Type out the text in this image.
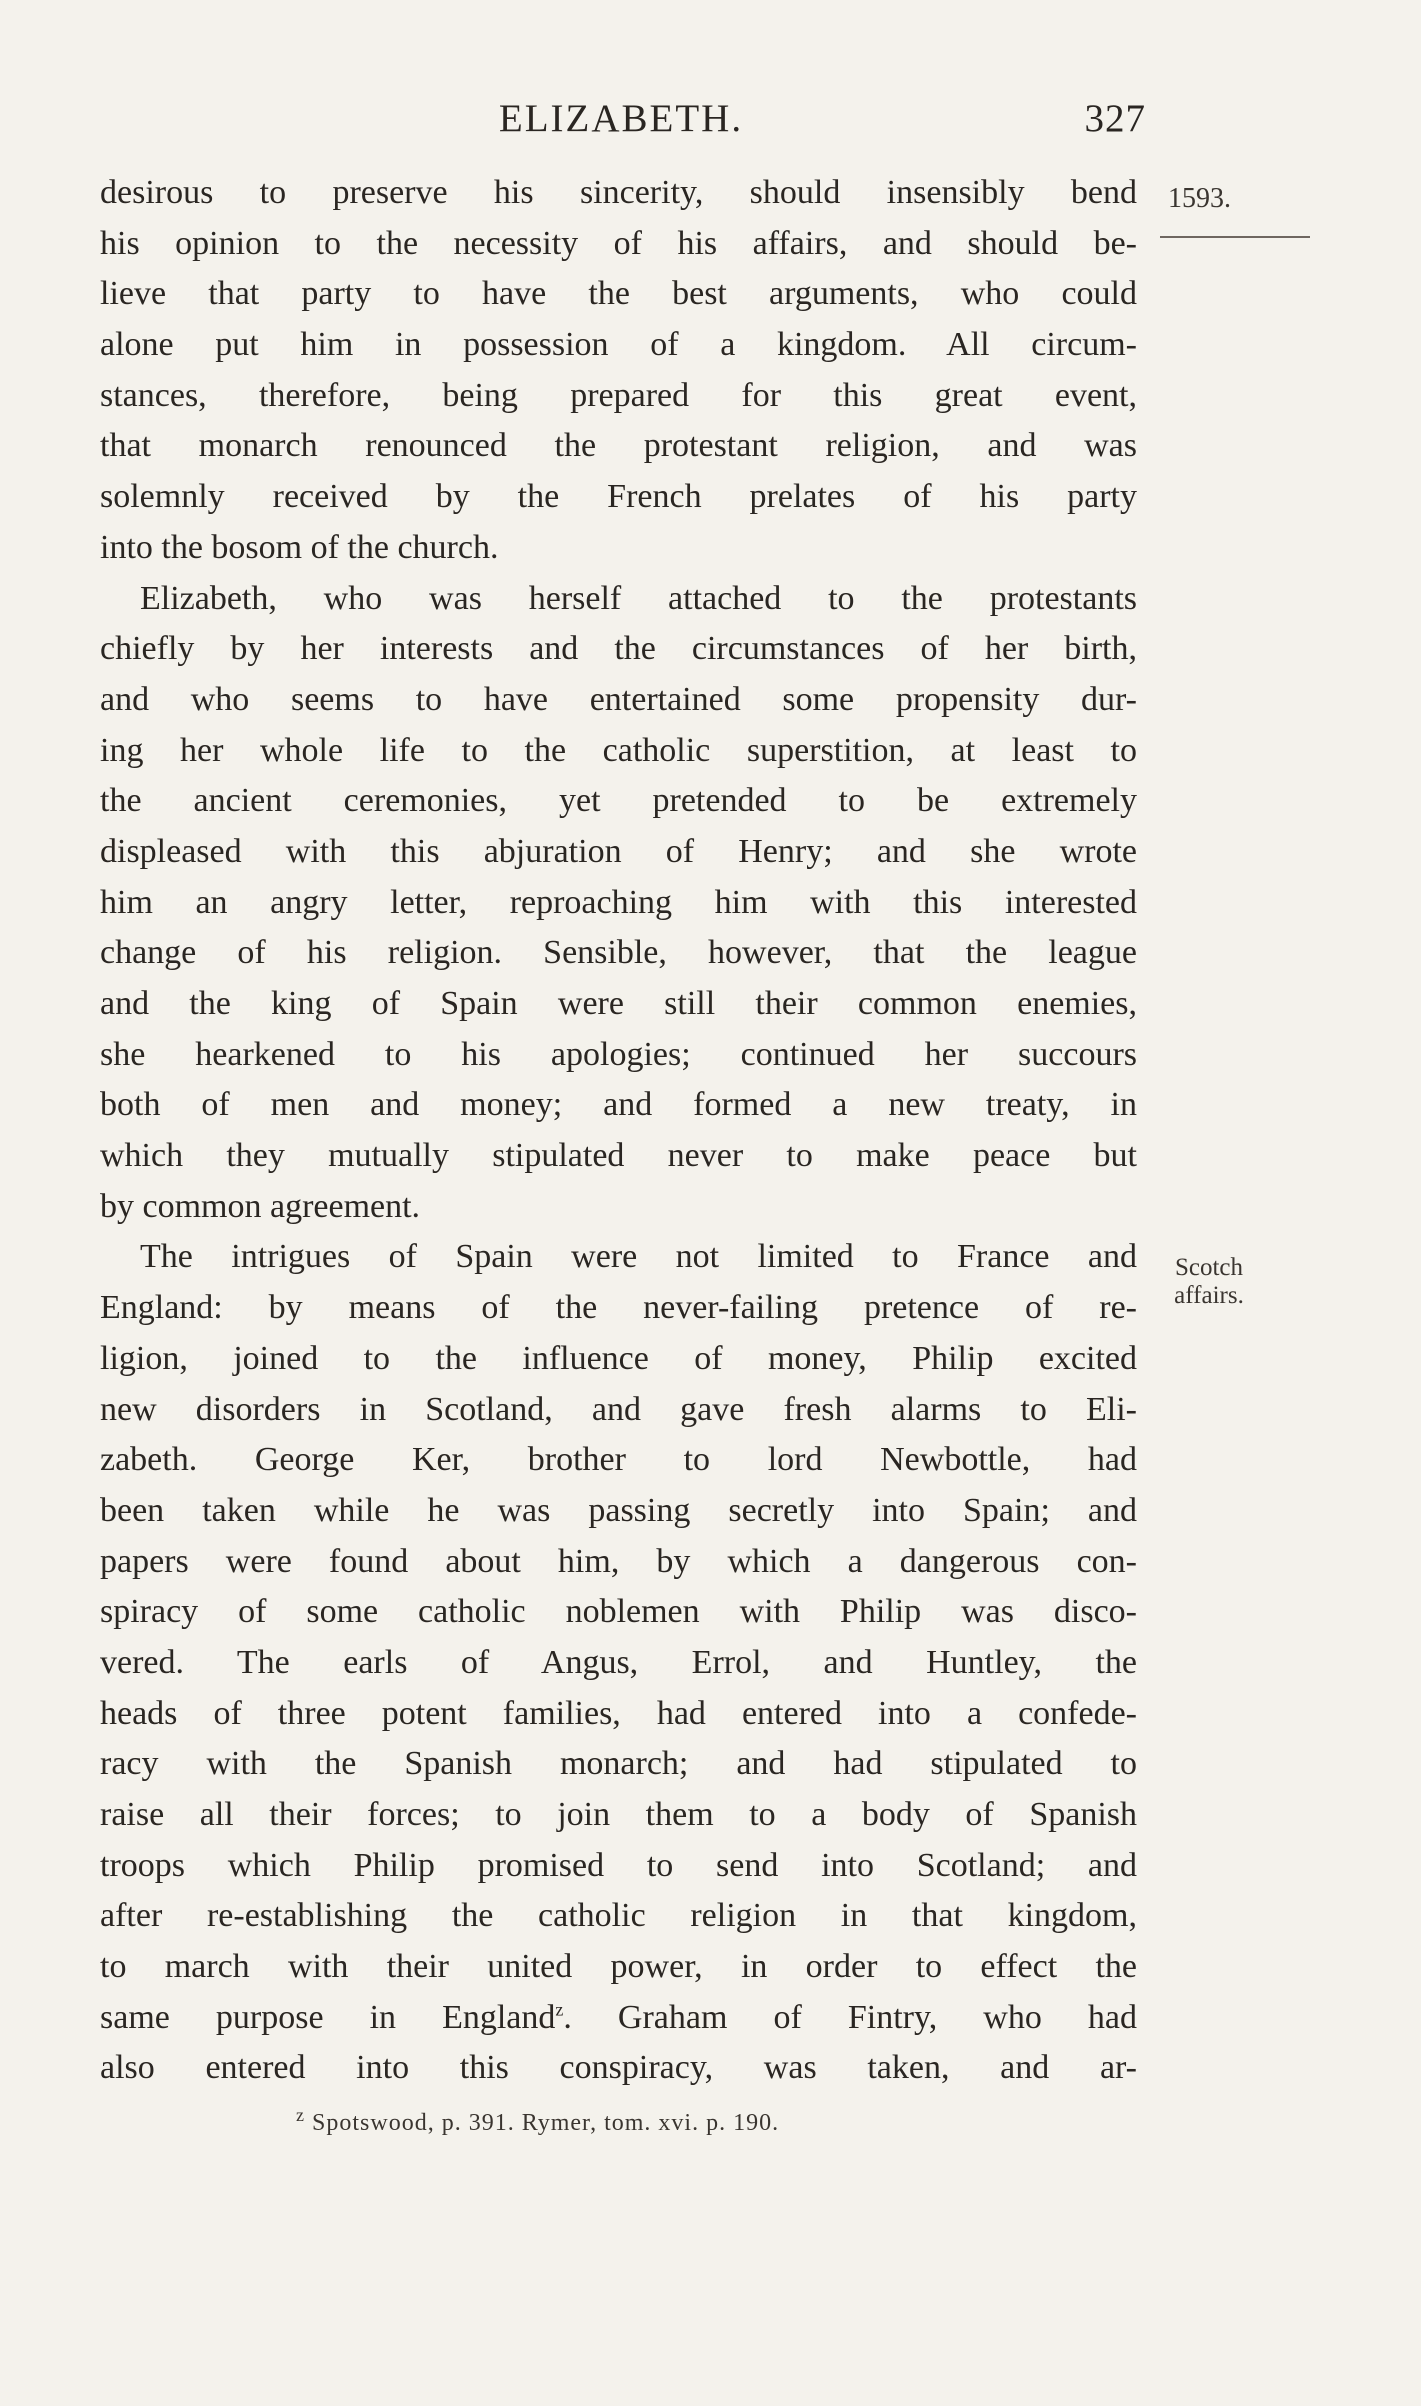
ELIZABETH.	327
1593.
Scotch
affairs.
desirous to preserve his sincerity, should insensibly bend
his opinion to the necessity of his affairs, and should be-
lieve that party to have the best arguments, who could
alone put him in possession of a kingdom. All circum-
stances, therefore, being prepared for this great event,
that monarch renounced the protestant religion, and was
solemnly received by the French prelates of his party
into the bosom of the church.
Elizabeth, who was herself attached to the protestants
chiefly by her interests and the circumstances of her birth,
and who seems to have entertained some propensity dur-
ing her whole life to the catholic superstition, at least to
the ancient ceremonies, yet pretended to be extremely
displeased with this abjuration of Henry; and she wrote
him an angry letter, reproaching him with this interested
change of his religion. Sensible, however, that the league
and the king of Spain were still their common enemies,
she hearkened to his apologies; continued her succours
both of men and money; and formed a new treaty, in
which they mutually stipulated never to make peace but
by common agreement.
The intrigues of Spain were not limited to France and
England: by means of the never-failing pretence of re-
ligion, joined to the influence of money, Philip excited
new disorders in Scotland, and gave fresh alarms to Eli-
zabeth. George Ker, brother to lord Newbottle, had
been taken while he was passing secretly into Spain; and
papers were found about him, by which a dangerous con-
spiracy of some catholic noblemen with Philip was disco-
vered. The earls of Angus, Errol, and Huntley, the
heads of three potent families, had entered into a confede-
racy with the Spanish monarch; and had stipulated to
raise all their forces; to join them to a body of Spanish
troops which Philip promised to send into Scotland; and
after re-establishing the catholic religion in that kingdom,
to march with their united power, in order to effect the
same purpose in England$^z$. Graham of Fintry, who had
also entered into this conspiracy, was taken, and ar-
$^z$ Spotswood, p. 391. Rymer, tom. xvi. p. 190.
